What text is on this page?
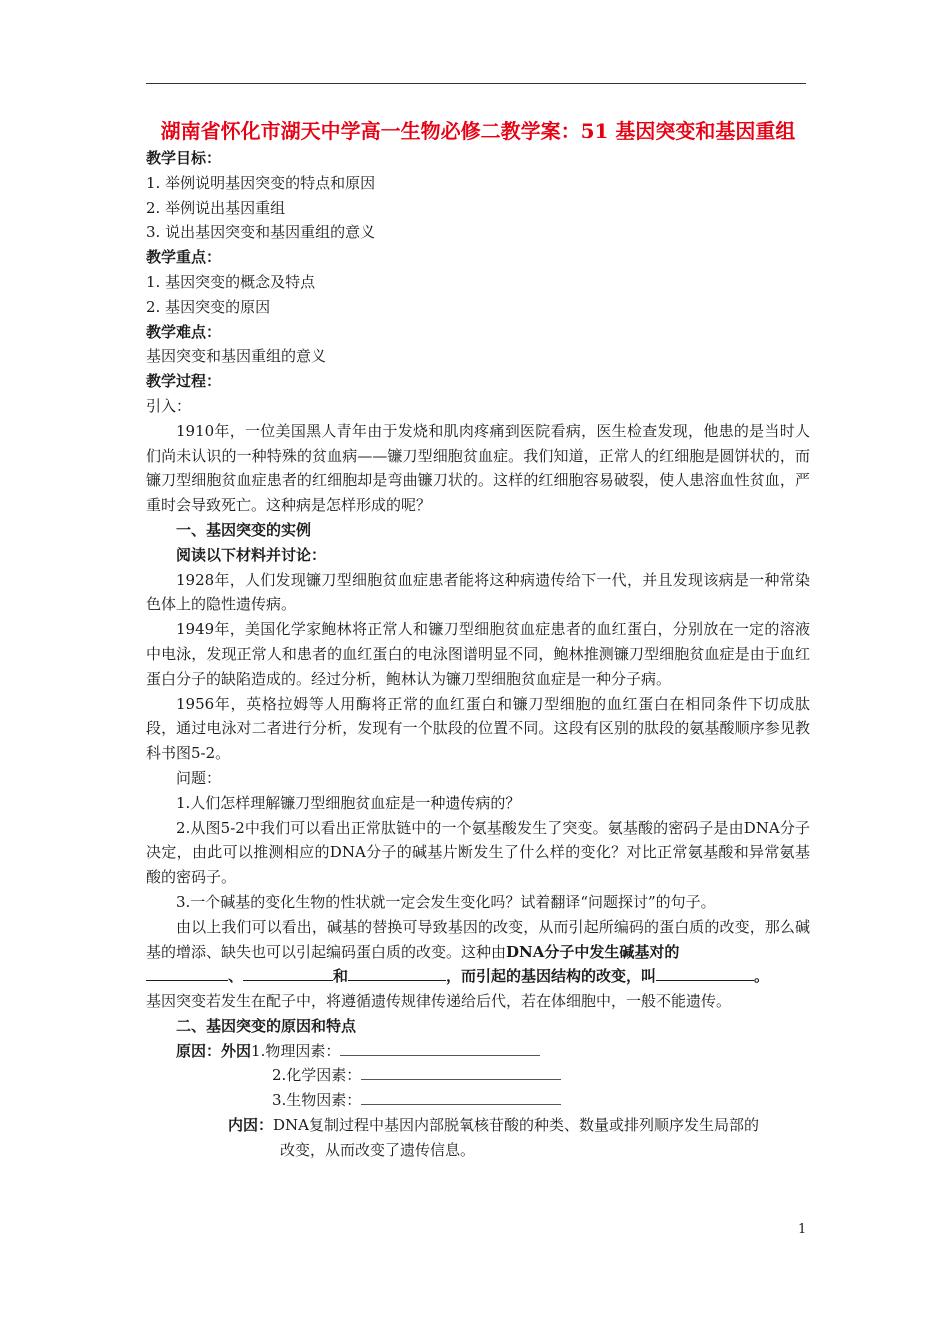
湖南省怀化市湖天中学高一生物必修二教学案：51 基因突变和基因重组
教学目标：
1. 举例说明基因突变的特点和原因
2. 举例说出基因重组
3. 说出基因突变和基因重组的意义
教学重点：
1. 基因突变的概念及特点
2. 基因突变的原因
教学难点：
基因突变和基因重组的意义
教学过程：
引入：
1910年，一位美国黑人青年由于发烧和肌肉疼痛到医院看病，医生检查发现，他患的是当时人们尚未认识的一种特殊的贫血病——镰刀型细胞贫血症。我们知道，正常人的红细胞是圆饼状的，而镰刀型细胞贫血症患者的红细胞却是弯曲镰刀状的。这样的红细胞容易破裂，使人患溶血性贫血，严重时会导致死亡。这种病是怎样形成的呢？
一、基因突变的实例
阅读以下材料并讨论：
1928年，人们发现镰刀型细胞贫血症患者能将这种病遗传给下一代，并且发现该病是一种常染色体上的隐性遗传病。
1949年，美国化学家鲍林将正常人和镰刀型细胞贫血症患者的血红蛋白，分别放在一定的溶液中电泳，发现正常人和患者的血红蛋白的电泳图谱明显不同，鲍林推测镰刀型细胞贫血症是由于血红蛋白分子的缺陷造成的。经过分析，鲍林认为镰刀型细胞贫血症是一种分子病。
1956年，英格拉姆等人用酶将正常的血红蛋白和镰刀型细胞的血红蛋白在相同条件下切成肽段，通过电泳对二者进行分析，发现有一个肽段的位置不同。这段有区别的肽段的氨基酸顺序参见教科书图5-2。
问题：
1.人们怎样理解镰刀型细胞贫血症是一种遗传病的？
2.从图5-2中我们可以看出正常肽链中的一个氨基酸发生了突变。氨基酸的密码子是由DNA分子决定，由此可以推测相应的DNA分子的碱基片断发生了什么样的变化？对比正常氨基酸和异常氨基酸的密码子。
3.一个碱基的变化生物的性状就一定会发生变化吗？试着翻译“问题探讨”的句子。
由以上我们可以看出，碱基的替换可导致基因的改变，从而引起所编码的蛋白质的改变，那么碱基的增添、缺失也可以引起编码蛋白质的改变。这种由DNA分子中发生碱基对的
、	和	，而引起的基因结构的改变，叫	。
基因突变若发生在配子中，将遵循遗传规律传递给后代，若在体细胞中，一般不能遗传。
二、基因突变的原因和特点
原因：外因1.物理因素：
2.化学因素：
3.生物因素：
内因：DNA复制过程中基因内部脱氧核苷酸的种类、数量或排列顺序发生局部的
改变，从而改变了遗传信息。
1
